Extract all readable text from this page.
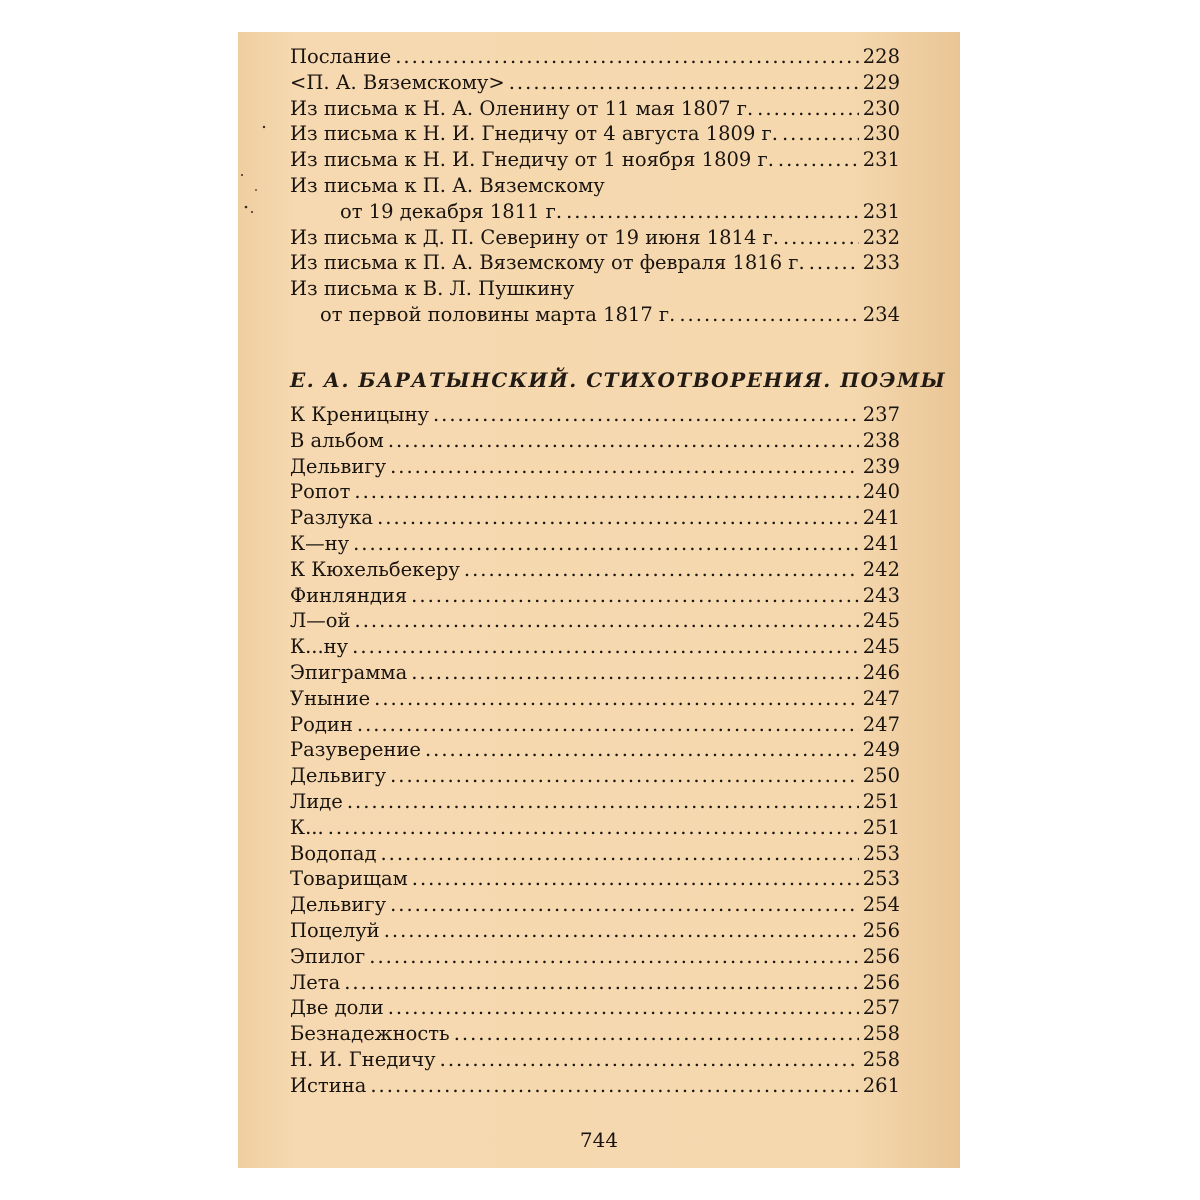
Послание .....	228
<П. А. Вяземскому> .....	229
Из письма к Н. А. Оленину от 11 мая 1807 г. .....	230
Из письма к Н. И. Гнедичу от 4 августа 1809 г. .....	230
Из письма к Н. И. Гнедичу от 1 ноября 1809 г. .....	231
Из письма к П. А. Вяземскому
от 19 декабря 1811 г. .....	231
Из письма к Д. П. Северину от 19 июня 1814 г. .....	232
Из письма к П. А. Вяземскому от февраля 1816 г. .....	233
Из письма к В. Л. Пушкину
от первой половины марта 1817 г. .....	234
Е. А. БАРАТЫНСКИЙ. СТИХОТВОРЕНИЯ. ПОЭМЫ
К Креницыну .....	237
В альбом .....	238
Дельвигу .....	239
Ропот .....	240
Разлука .....	241
К—ну .....	241
К Кюхельбекеру .....	242
Финляндия .....	243
Л—ой .....	245
К...ну .....	245
Эпиграмма .....	246
Уныние .....	247
Родин .....	247
Разуверение .....	249
Дельвигу .....	250
Лиде .....	251
К... .....	251
Водопад .....	253
Товарищам .....	253
Дельвигу .....	254
Поцелуй .....	256
Эпилог .....	256
Лета .....	256
Две доли .....	257
Безнадежность .....	258
Н. И. Гнедичу .....	258
Истина .....	261
744
